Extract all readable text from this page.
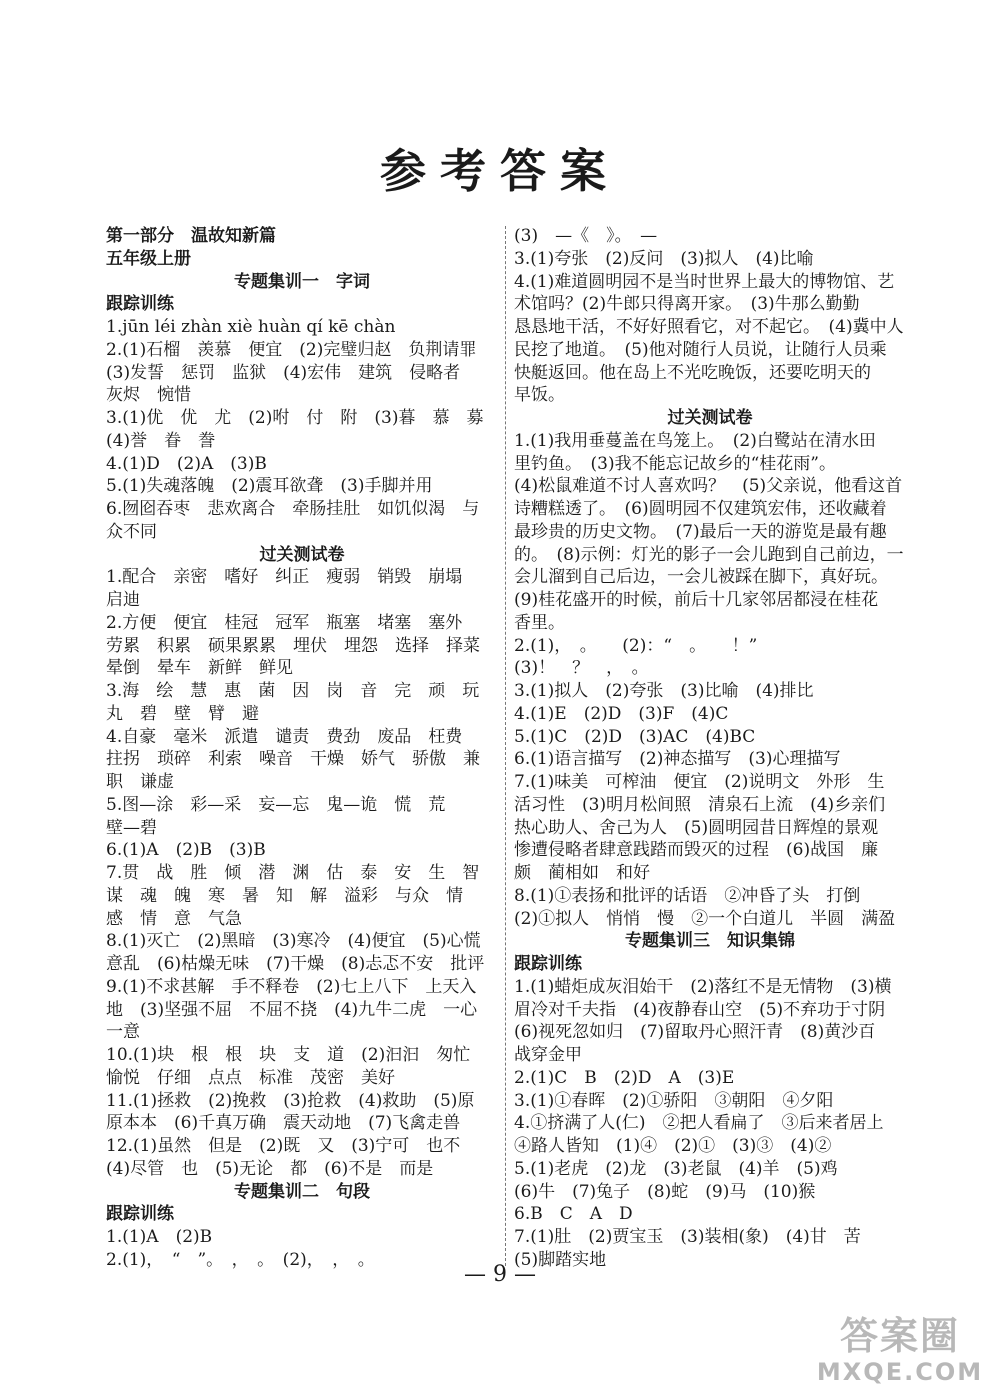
参考答案
第一部分　温故知新篇
五年级上册
专题集训一　字词
跟踪训练
1.jūn léi zhàn xiè huàn qí kē chàn
2.(1)石榴　羡慕　便宜　(2)完璧归赵　负荆请罪
(3)发誓　惩罚　监狱　(4)宏伟　建筑　侵略者
灰烬　惋惜
3.(1)优　优　尤　(2)咐　付　附　(3)暮　慕　募
(4)誉　眷　誊
4.(1)D　(2)A　(3)B
5.(1)失魂落魄　(2)震耳欲聋　(3)手脚并用
6.囫囵吞枣　悲欢离合　牵肠挂肚　如饥似渴　与
众不同
过关测试卷
1.配合　亲密　嗜好　纠正　瘦弱　销毁　崩塌
启迪
2.方便　便宜　桂冠　冠军　瓶塞　堵塞　塞外
劳累　积累　硕果累累　埋伏　埋怨　选择　择菜
晕倒　晕车　新鲜　鲜见
3.海　绘　慧　惠　菌　因　岗　音　完　顽　玩
丸　碧　壁　臂　避
4.自豪　毫米　派遣　谴责　费劲　废品　枉费
拄拐　琐碎　利索　噪音　干燥　娇气　骄傲　兼
职　谦虚
5.图—涂　彩—采　妄—忘　鬼—诡　慌　荒
壁—碧
6.(1)A　(2)B　(3)B
7.贯　战　胜　倾　潜　渊　估　泰　安　生　智
谋　魂　魄　寒　暑　知　解　溢彩　与众　情
感　情　意　气急
8.(1)灭亡　(2)黑暗　(3)寒冷　(4)便宜　(5)心慌
意乱　(6)枯燥无味　(7)干燥　(8)忐忑不安　批评
9.(1)不求甚解　手不释卷　(2)七上八下　上天入
地　(3)坚强不屈　不屈不挠　(4)九牛二虎　一心
一意
10.(1)块　根　根　块　支　道　(2)汩汩　匆忙
愉悦　仔细　点点　标准　茂密　美好
11.(1)拯救　(2)挽救　(3)抢救　(4)救助　(5)原
原本本　(6)千真万确　震天动地　(7)飞禽走兽
12.(1)虽然　但是　(2)既　又　(3)宁可　也不
(4)尽管　也　(5)无论　都　(6)不是　而是
专题集训二　句段
跟踪训练
1.(1)A　(2)B
2.(1)，　“　”。　，　。　(2)，　，　。
(3)　—《　》。　—
3.(1)夸张　(2)反问　(3)拟人　(4)比喻
4.(1)难道圆明园不是当时世界上最大的博物馆、艺
术馆吗？(2)牛郎只得离开家。　(3)牛那么勤勤
恳恳地干活，不好好照看它，对不起它。　(4)冀中人
民挖了地道。　(5)他对随行人员说，让随行人员乘
快艇返回。他在岛上不光吃晚饭，还要吃明天的
早饭。
过关测试卷
1.(1)我用垂蔓盖在鸟笼上。　(2)白鹭站在清水田
里钓鱼。　(3)我不能忘记故乡的“桂花雨”。
(4)松鼠难道不讨人喜欢吗？　(5)父亲说，他看这首
诗糟糕透了。　(6)圆明园不仅建筑宏伟，还收藏着
最珍贵的历史文物。　(7)最后一天的游览是最有趣
的。　(8)示例：灯光的影子一会儿跑到自己前边，一
会儿溜到自己后边，一会儿被踩在脚下，真好玩。
(9)桂花盛开的时候，前后十几家邻居都浸在桂花
香里。
2.(1)，　。　　(2)：“　。　　！”
(3)！　？　，　。
3.(1)拟人　(2)夸张　(3)比喻　(4)排比
4.(1)E　(2)D　(3)F　(4)C
5.(1)C　(2)D　(3)AC　(4)BC
6.(1)语言描写　(2)神态描写　(3)心理描写
7.(1)味美　可榨油　便宜　(2)说明文　外形　生
活习性　(3)明月松间照　清泉石上流　(4)乡亲们
热心助人、舍己为人　(5)圆明园昔日辉煌的景观
惨遭侵略者肆意践踏而毁灭的过程　(6)战国　廉
颇　蔺相如　和好
8.(1)①表扬和批评的话语　②冲昏了头　打倒
(2)①拟人　悄悄　慢　②一个白道儿　半圆　满盈
专题集训三　知识集锦
跟踪训练
1.(1)蜡炬成灰泪始干　(2)落红不是无情物　(3)横
眉冷对千夫指　(4)夜静春山空　(5)不弃功于寸阴
(6)视死忽如归　(7)留取丹心照汗青　(8)黄沙百
战穿金甲
2.(1)C　B　(2)D　A　(3)E
3.(1)①春晖　(2)①骄阳　③朝阳　④夕阳
4.①挤满了人(仁)　②把人看扁了　③后来者居上
④路人皆知　(1)④　(2)①　(3)③　(4)②
5.(1)老虎　(2)龙　(3)老鼠　(4)羊　(5)鸡
(6)牛　(7)兔子　(8)蛇　(9)马　(10)猴
6.B　C　A　D
7.(1)肚　(2)贾宝玉　(3)装相(象)　(4)甘　苦
(5)脚踏实地
— 9 —
答案圈
MXQE.COM
